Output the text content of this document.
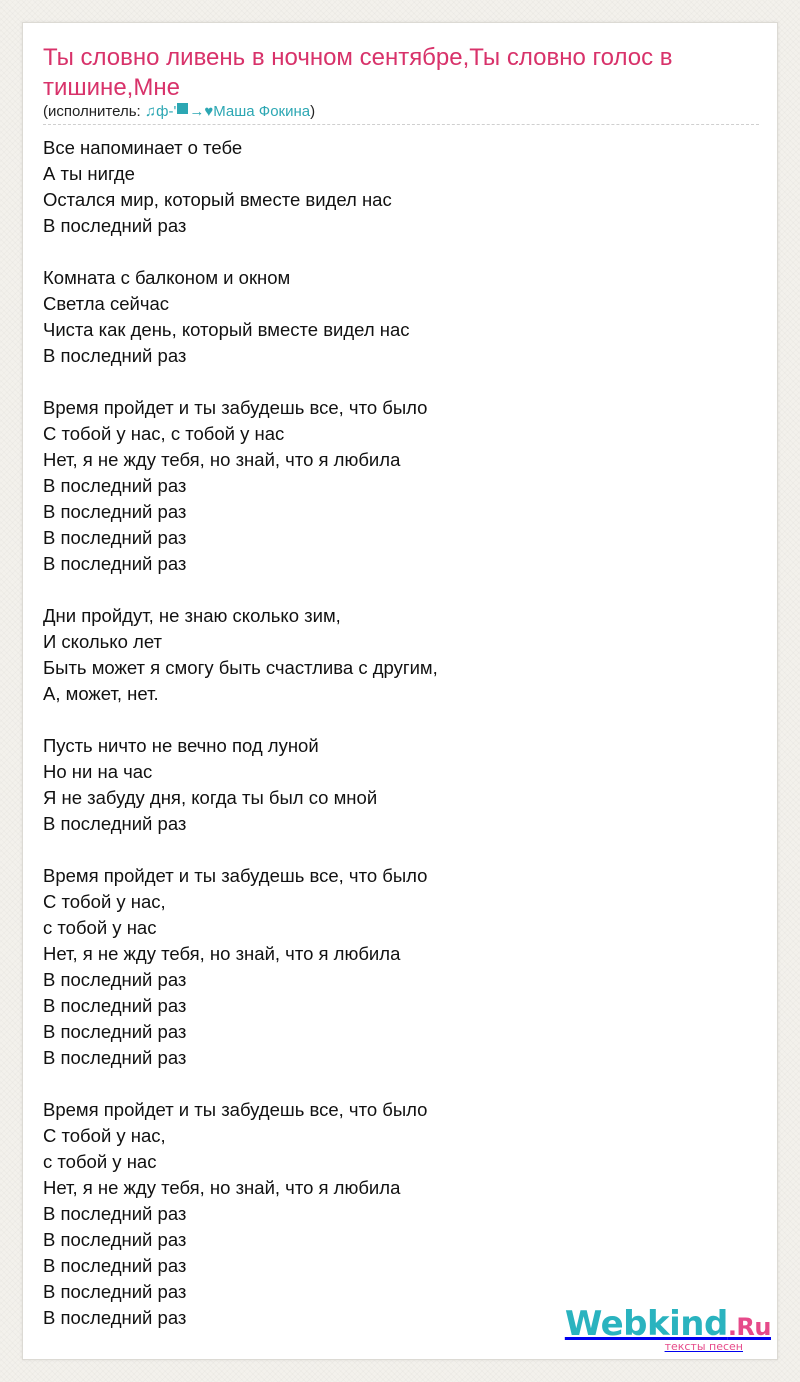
Ты словно ливень в ночном сентябре,Ты словно голос в тишине,Мне
(исполнитель: ♫ф-' →♥Маша Фокина)
Все напоминает о тебе
А ты нигде
Остался мир, который вместе видел нас
В последний раз
Комната с балконом и окном
Светла сейчас
Чиста как день, который вместе видел нас
В последний раз
Время пройдет и ты забудешь все, что было
С тобой у нас, с тобой у нас
Нет, я не жду тебя, но знай, что я любила
В последний раз
В последний раз
В последний раз
В последний раз
Дни пройдут, не знаю сколько зим,
И сколько лет
Быть может я смогу быть счастлива с другим,
А, может, нет.
Пусть ничто не вечно под луной
Но ни на час
Я не забуду дня, когда ты был со мной
В последний раз
Время пройдет и ты забудешь все, что было
С тобой у нас,
с тобой у нас
Нет, я не жду тебя, но знай, что я любила
В последний раз
В последний раз
В последний раз
В последний раз
Время пройдет и ты забудешь все, что было
С тобой у нас,
с тобой у нас
Нет, я не жду тебя, но знай, что я любила
В последний раз
В последний раз
В последний раз
В последний раз
В последний раз	Webkind.Ru
тексты песен
